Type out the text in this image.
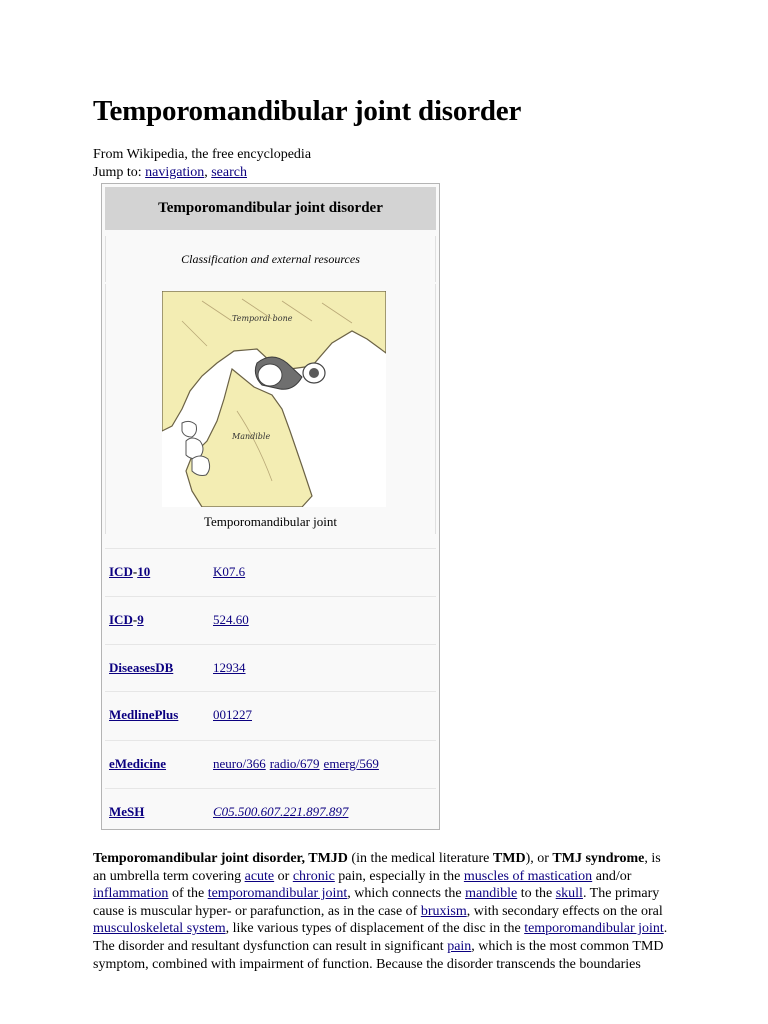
Temporomandibular joint disorder
From Wikipedia, the free encyclopedia
Jump to: navigation, search
Temporomandibular joint disorder
Classification and external resources
Temporal bone
Mandible
Temporomandibular joint
ICD-10	K07.6
ICD-9	524.60
DiseasesDB	12934
MedlinePlus	001227
eMedicine	neuro/366 radio/679 emerg/569
MeSH	C05.500.607.221.897.897

Temporomandibular joint disorder, TMJD (in the medical literature TMD), or TMJ syndrome, is an umbrella term covering acute or chronic pain, especially in the muscles of mastication and/or inflammation of the temporomandibular joint, which connects the mandible to the skull. The primary cause is muscular hyper- or parafunction, as in the case of bruxism, with secondary effects on the oral musculoskeletal system, like various types of displacement of the disc in the temporomandibular joint. The disorder and resultant dysfunction can result in significant pain, which is the most common TMD symptom, combined with impairment of function. Because the disorder transcends the boundaries
